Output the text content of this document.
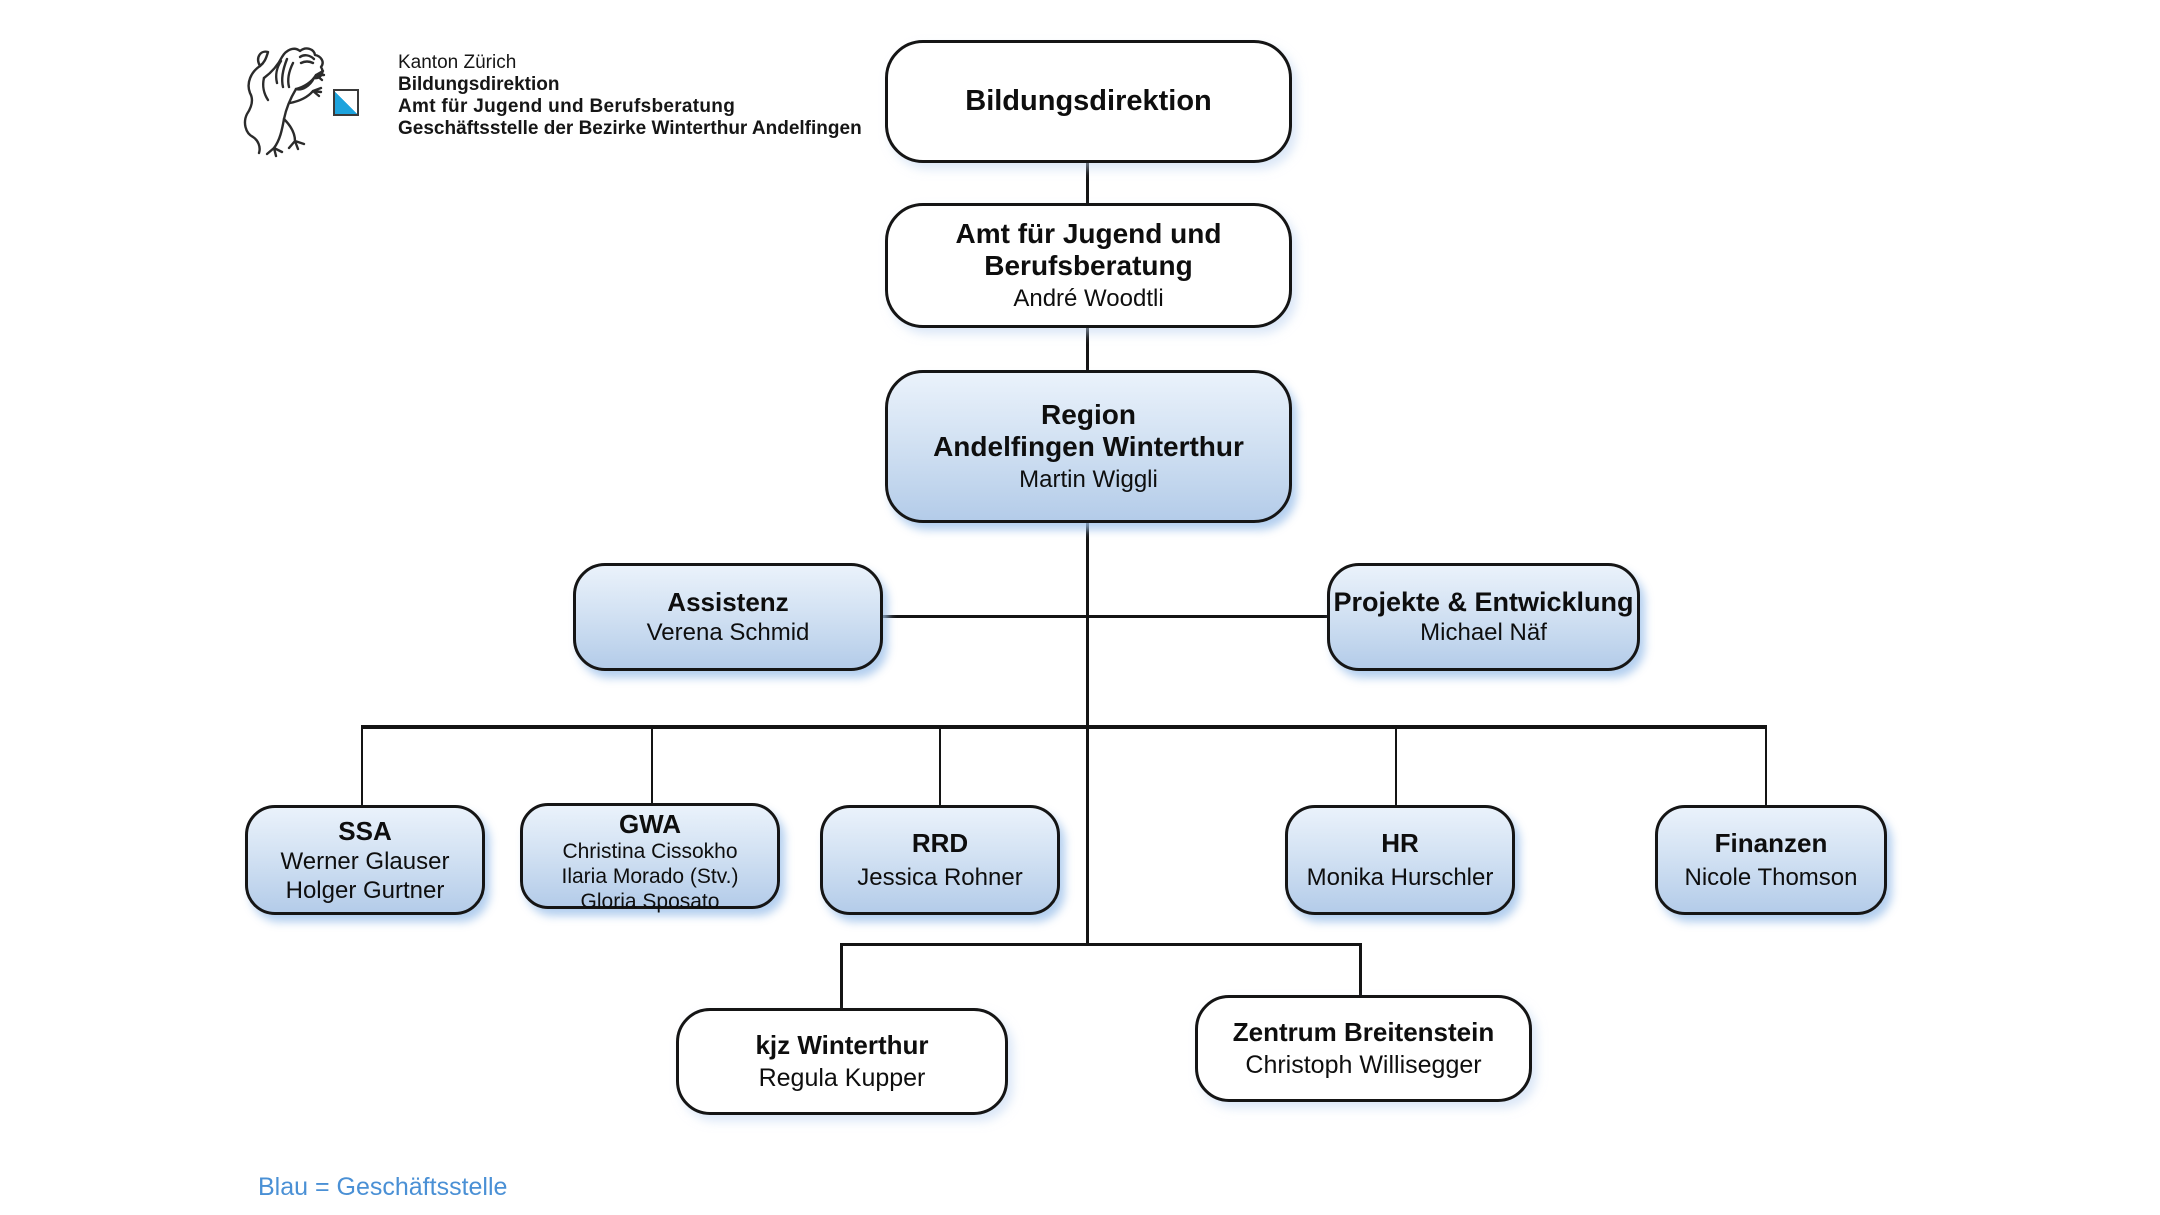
Kanton Zürich
Bildungsdirektion
Amt für Jugend und Berufsberatung
Geschäftsstelle der Bezirke Winterthur Andelfingen
Bildungsdirektion
Amt für Jugend und
Berufsberatung
André Woodtli
Region
Andelfingen Winterthur
Martin Wiggli
Assistenz
Verena Schmid
Projekte & Entwicklung
Michael Näf
SSA
Werner Glauser
Holger Gurtner
GWA
Christina Cissokho
Ilaria Morado (Stv.)
Gloria Sposato
RRD
Jessica Rohner
HR
Monika Hurschler
Finanzen
Nicole Thomson
kjz Winterthur
Regula Kupper
Zentrum Breitenstein
Christoph Willisegger
Blau = Geschäftsstelle
